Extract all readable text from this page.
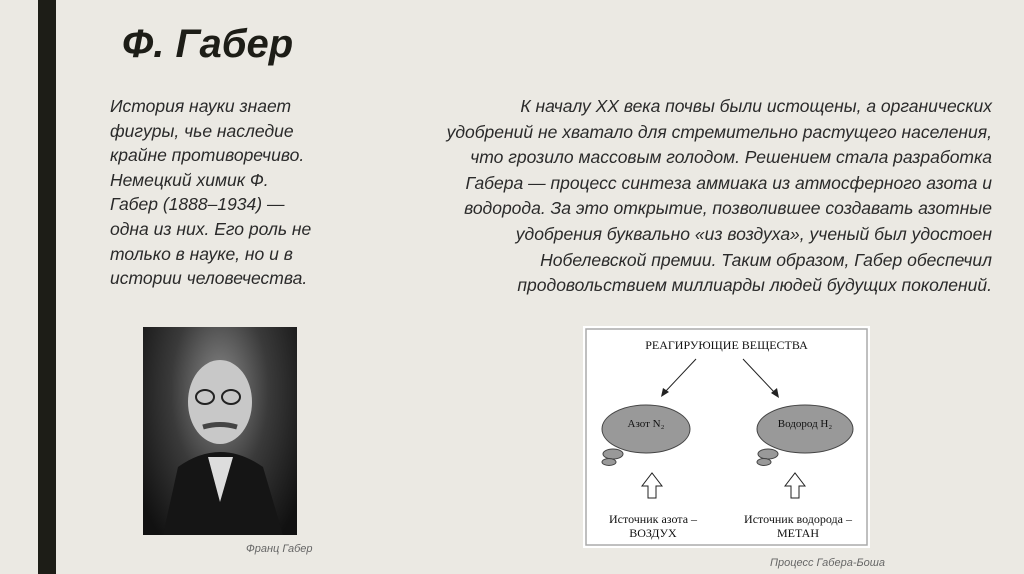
Ф. Габер
История науки знает
фигуры, чье наследие
крайне противоречиво.
Немецкий химик Ф.
Габер (1888–1934) —
одна из них. Его роль не
только в науке, но и в
истории человечества.
К началу XX века почвы были истощены, а органических
удобрений не хватало для стремительно растущего населения,
что грозило массовым голодом. Решением стала разработка
Габера — процесс синтеза аммиака из атмосферного азота и
водорода. За это открытие, позволившее создавать азотные
удобрения буквально «из воздуха», ученый был удостоен
Нобелевской премии. Таким образом, Габер обеспечил
продовольствием миллиарды людей будущих поколений.
Франц Габер
РЕАГИРУЮЩИЕ ВЕЩЕСТВА
Азот N₂	Водород H₂
Источник азота –
ВОЗДУХ
Источник водорода –
МЕТАН
Процесс Габера-Боша
